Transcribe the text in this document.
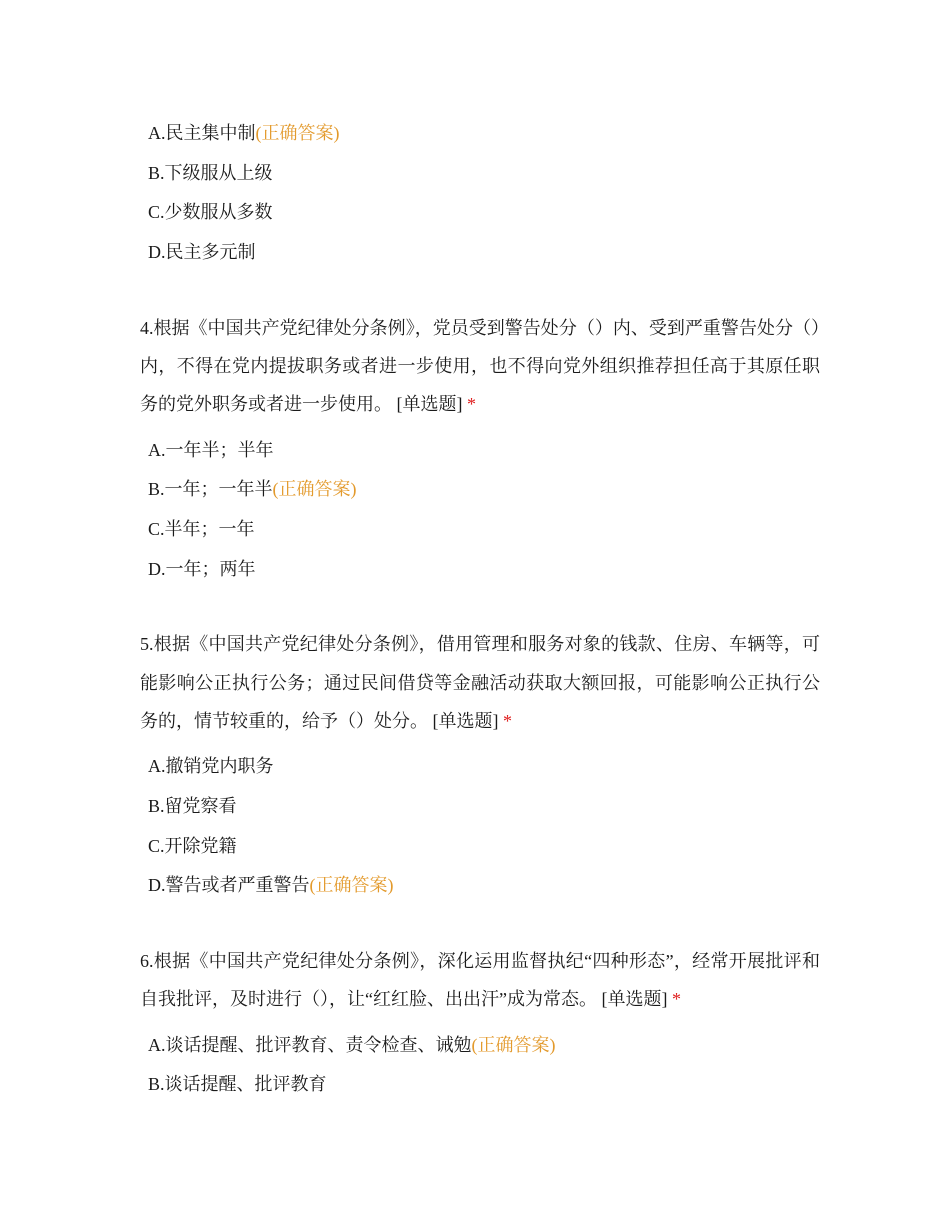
A.民主集中制(正确答案)
B.下级服从上级
C.少数服从多数
D.民主多元制

4.根据《中国共产党纪律处分条例》，党员受到警告处分（）内、受到严重警告处分（）内，不得在党内提拔职务或者进一步使用，也不得向党外组织推荐担任高于其原任职务的党外职务或者进一步使用。 [单选题] *

A.一年半；半年
B.一年；一年半(正确答案)
C.半年；一年
D.一年；两年

5.根据《中国共产党纪律处分条例》，借用管理和服务对象的钱款、住房、车辆等，可能影响公正执行公务；通过民间借贷等金融活动获取大额回报，可能影响公正执行公务的，情节较重的，给予（）处分。 [单选题] *

A.撤销党内职务
B.留党察看
C.开除党籍
D.警告或者严重警告(正确答案)

6.根据《中国共产党纪律处分条例》，深化运用监督执纪“四种形态”，经常开展批评和自我批评，及时进行（），让“红红脸、出出汗”成为常态。 [单选题] *

A.谈话提醒、批评教育、责令检查、诫勉(正确答案)
B.谈话提醒、批评教育
